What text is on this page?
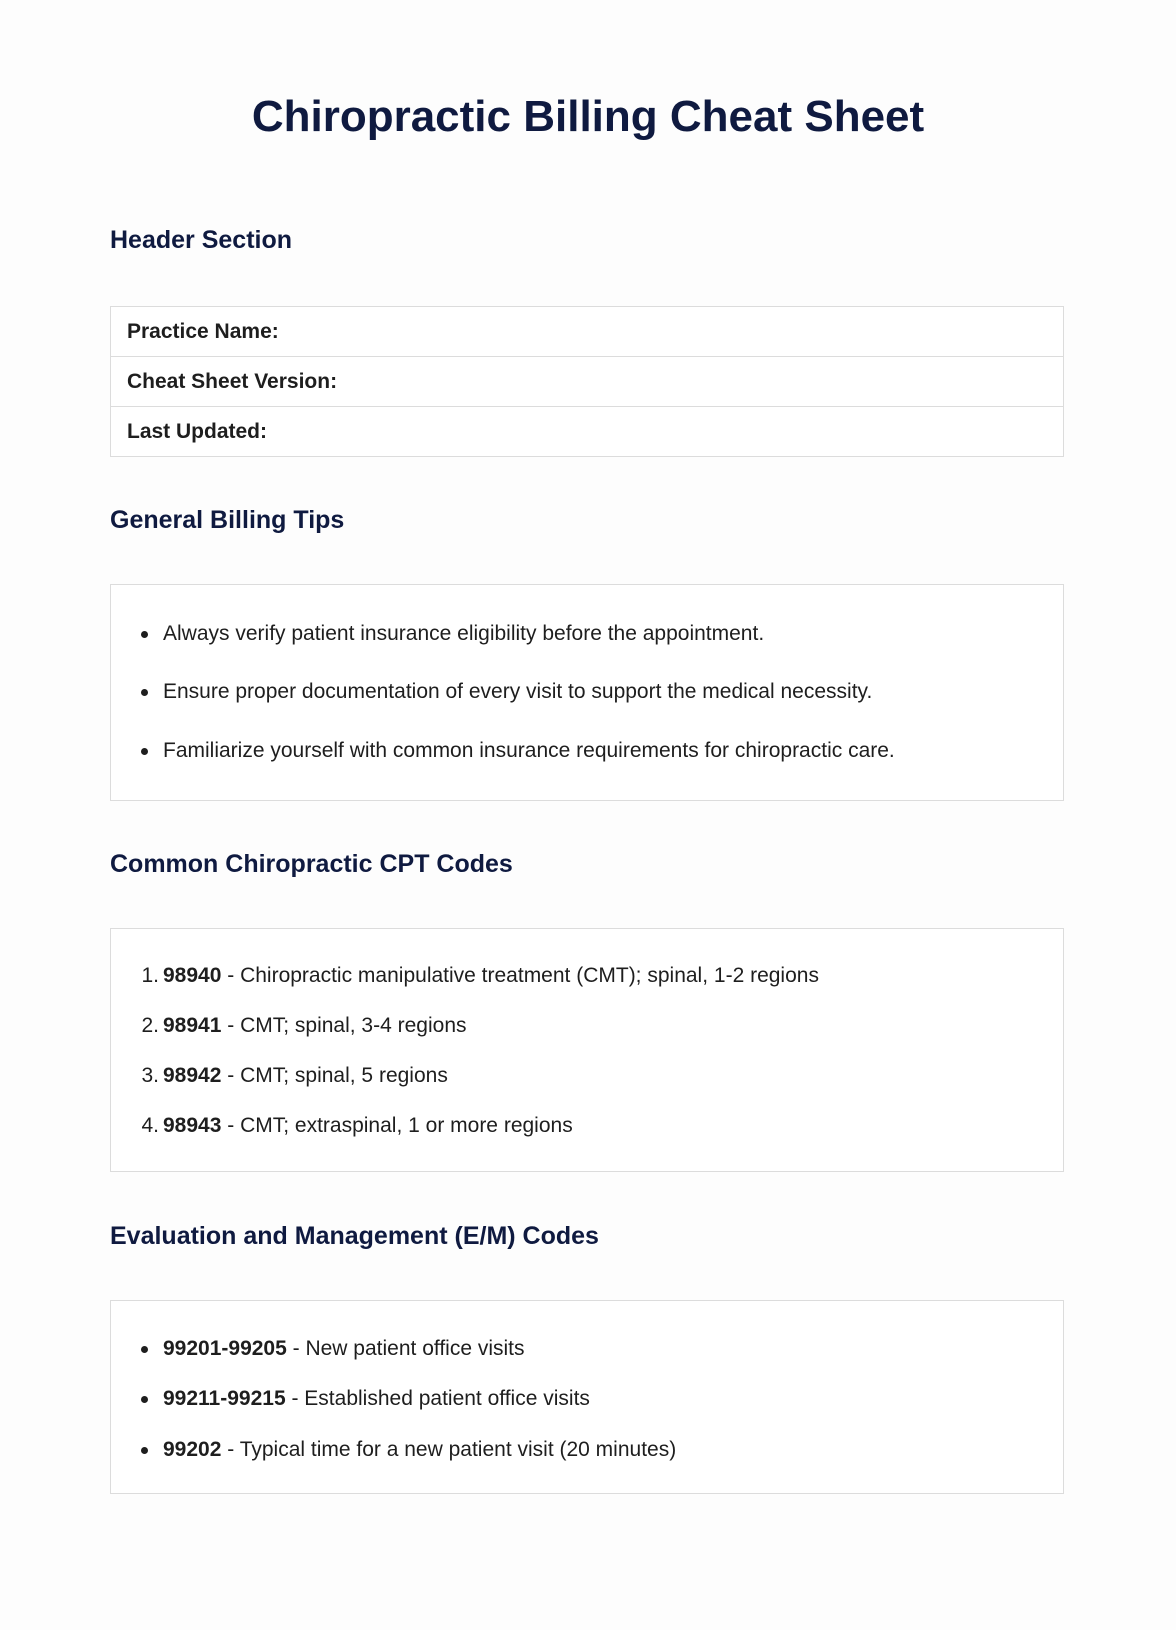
Chiropractic Billing Cheat Sheet
Header Section
Practice Name:
Cheat Sheet Version:
Last Updated:
General Billing Tips
Always verify patient insurance eligibility before the appointment.
Ensure proper documentation of every visit to support the medical necessity.
Familiarize yourself with common insurance requirements for chiropractic care.
Common Chiropractic CPT Codes
1. 98940 - Chiropractic manipulative treatment (CMT); spinal, 1-2 regions
2. 98941 - CMT; spinal, 3-4 regions
3. 98942 - CMT; spinal, 5 regions
4. 98943 - CMT; extraspinal, 1 or more regions
Evaluation and Management (E/M) Codes
99201-99205 - New patient office visits
99211-99215 - Established patient office visits
99202 - Typical time for a new patient visit (20 minutes)
